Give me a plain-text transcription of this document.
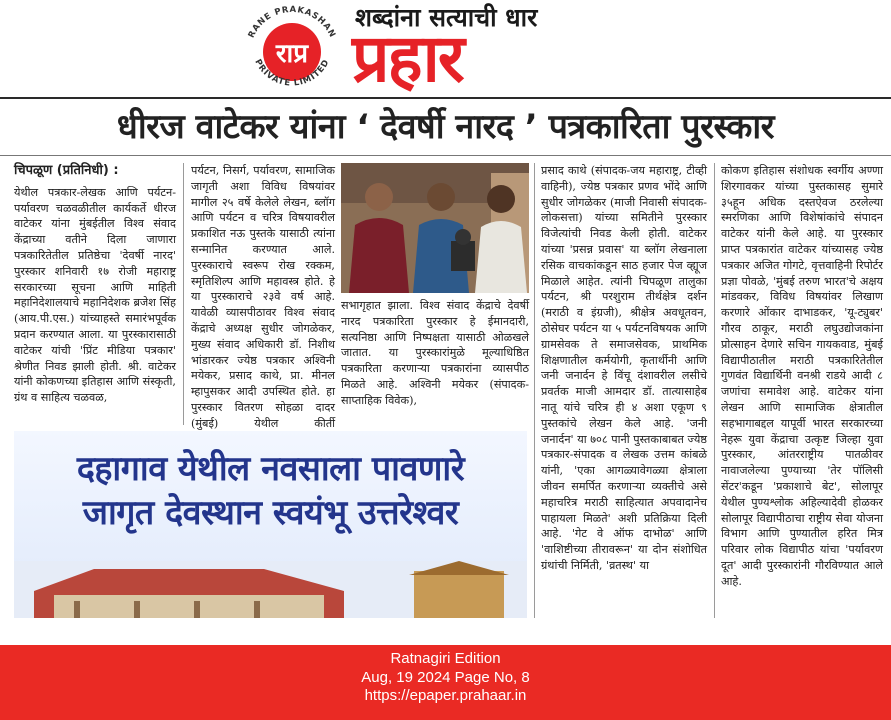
राप्र
RANE PRAKASHAN
PRIVATE LIMITED
शब्दांना सत्याची धार
प्रहार
धीरज वाटेकर यांना ‘ देवर्षी नारद ’ पत्रकारिता पुरस्कार
चिपळूण (प्रतिनिधी) :
येथील पत्रकार-लेखक आणि पर्यटन-पर्यावरण चळवळीतील कार्यकर्ते धीरज वाटेकर यांना मुंबईतील विश्व संवाद केंद्राच्या वतीने दिला जाणारा पत्रकारितेतील प्रतिष्ठेचा 'देवर्षी नारद' पुरस्कार शनिवारी १७ रोजी महाराष्ट्र सरकारच्या सूचना आणि माहिती महानिदेशालयाचे महानिदेशक ब्रजेश सिंह (आय.पी.एस.) यांच्याहस्ते समारंभपूर्वक प्रदान करण्यात आला. या पुरस्कारासाठी वाटेकर यांची 'प्रिंट मीडिया पत्रकार' श्रेणीत निवड झाली होती. श्री. वाटेकर यांनी कोकणच्या इतिहास आणि संस्कृती, ग्रंथ व साहित्य चळवळ,
पर्यटन, निसर्ग, पर्यावरण, सामाजिक जागृती अशा विविध विषयांवर मागील २५ वर्षे केलेले लेखन, ब्लॉग आणि पर्यटन व चरित्र विषयावरील प्रकाशित नऊ पुस्तके यासाठी त्यांना सन्मानित करण्यात आले. पुरस्काराचे स्वरूप रोख रक्कम, स्मृतिशिल्प आणि महावस्त्र होते. हे या पुरस्काराचे २३वे वर्ष आहे. यावेळी व्यासपीठावर विश्व संवाद केंद्राचे अध्यक्ष सुधीर जोगळेकर, मुख्य संवाद अधिकारी डॉ. निशीथ भांडारकर ज्येष्ठ पत्रकार अश्विनी मयेकर, प्रसाद काथे, प्रा. मीनल म्हापुसकर आदी उपस्थित होते. हा पुरस्कार वितरण सोहळा दादर (मुंबई) येथील कीर्ती
सभागृहात झाला. विश्व संवाद केंद्राचे देवर्षी नारद पत्रकारिता पुरस्कार हे ईमानदारी, सत्यनिष्ठा आणि निष्पक्षता यासाठी ओळखले जातात. या पुरस्कारांमुळे मूल्याधिष्ठित पत्रकारिता करणाऱ्या पत्रकारांना व्यासपीठ मिळते आहे. अश्विनी मयेकर (संपादक-साप्ताहिक विवेक),
प्रसाद काथे (संपादक-जय महाराष्ट्र, टीव्ही वाहिनी), ज्येष्ठ पत्रकार प्रणव भोंदे आणि सुधीर जोगळेकर (माजी निवासी संपादक-लोकसत्ता) यांच्या समितीने पुरस्कार विजेत्यांची निवड केली होती. वाटेकर यांच्या 'प्रसन्न प्रवास' या ब्लॉग लेखनाला रसिक वाचकांकडून साठ हजार पेज व्ह्यूज मिळाले आहेत. त्यांनी चिपळूण तालुका पर्यटन, श्री परशुराम तीर्थक्षेत्र दर्शन (मराठी व इंग्रजी), श्रीक्षेत्र अवधूतवन, ठोसेघर पर्यटन या ५ पर्यटनविषयक आणि ग्रामसेवक ते समाजसेवक, प्राथमिक शिक्षणातील कर्मयोगी, कृतार्थीनी आणि जनी जनार्दन हे विंचू दंशावरील लसीचे प्रवर्तक माजी आमदार डॉ. तात्यासाहेब नातू यांचे चरित्र ही ४ अशा एकूण ९ पुस्तकांचे लेखन केले आहे. 'जनी जनार्दन' या ७०८ पानी पुस्तकाबाबत ज्येष्ठ पत्रकार-संपादक व लेखक उत्तम कांबळे यांनी, 'एका आगळ्यावेगळ्या क्षेत्राला जीवन समर्पित करणाऱ्या व्यक्तीचे असे महाचरित्र मराठी साहित्यात अपवादानेच पाहायला मिळते' अशी प्रतिक्रिया दिली आहे. 'गेट वे ऑफ दाभोळ' आणि 'वाशिष्टीच्या तीरावरून' या दोन संशोधित ग्रंथांची निर्मिती, 'व्रतस्थ' या
कोकण इतिहास संशोधक स्वर्गीय अण्णा शिरगावकर यांच्या पुस्तकासह सुमारे ३५हून अधिक दस्तऐवज ठरलेल्या स्मरणिका आणि विशेषांकांचे संपादन वाटेकर यांनी केले आहे. या पुरस्कार प्राप्त पत्रकारांत वाटेकर यांच्यासह ज्येष्ठ पत्रकार अजित गोगटे, वृत्तवाहिनी रिपोर्टर प्रज्ञा पोवळे, 'मुंबई तरुण भारत'चे अक्षय मांडवकर, विविध विषयांवर लिखाण करणारे ओंकार दाभाडकर, 'यू-ट्युबर' गौरव ठाकूर, मराठी लघुउद्योजकांना प्रोत्साहन देणारे सचिन गायकवाड, मुंबई विद्यापीठातील मराठी पत्रकारितेतील गुणवंत विद्यार्थिनी वनश्री राडये आदी ८ जणांचा समावेश आहे. वाटेकर यांना लेखन आणि सामाजिक क्षेत्रातील सहभागाबद्दल यापूर्वी भारत सरकारच्या नेहरू युवा केंद्राचा उत्कृष्ट जिल्हा युवा पुरस्कार, आंतरराष्ट्रीय पातळीवर नावाजलेल्या पुण्याच्या 'तेर पॉलिसी सेंटर'कडून 'प्रकाशाचे बेट', सोलापूर येथील पुण्यश्लोक अहिल्यादेवी होळकर सोलापूर विद्यापीठाचा राष्ट्रीय सेवा योजना विभाग आणि पुण्यातील हरित मित्र परिवार लोक विद्यापीठ यांचा 'पर्यावरण दूत' आदी पुरस्कारांनी गौरविण्यात आले आहे.
दहागाव येथील नवसाला पावणारे
जागृत देवस्थान स्वयंभू उत्तरेश्वर
Ratnagiri Edition
Aug, 19 2024 Page No, 8
https://epaper.prahaar.in
